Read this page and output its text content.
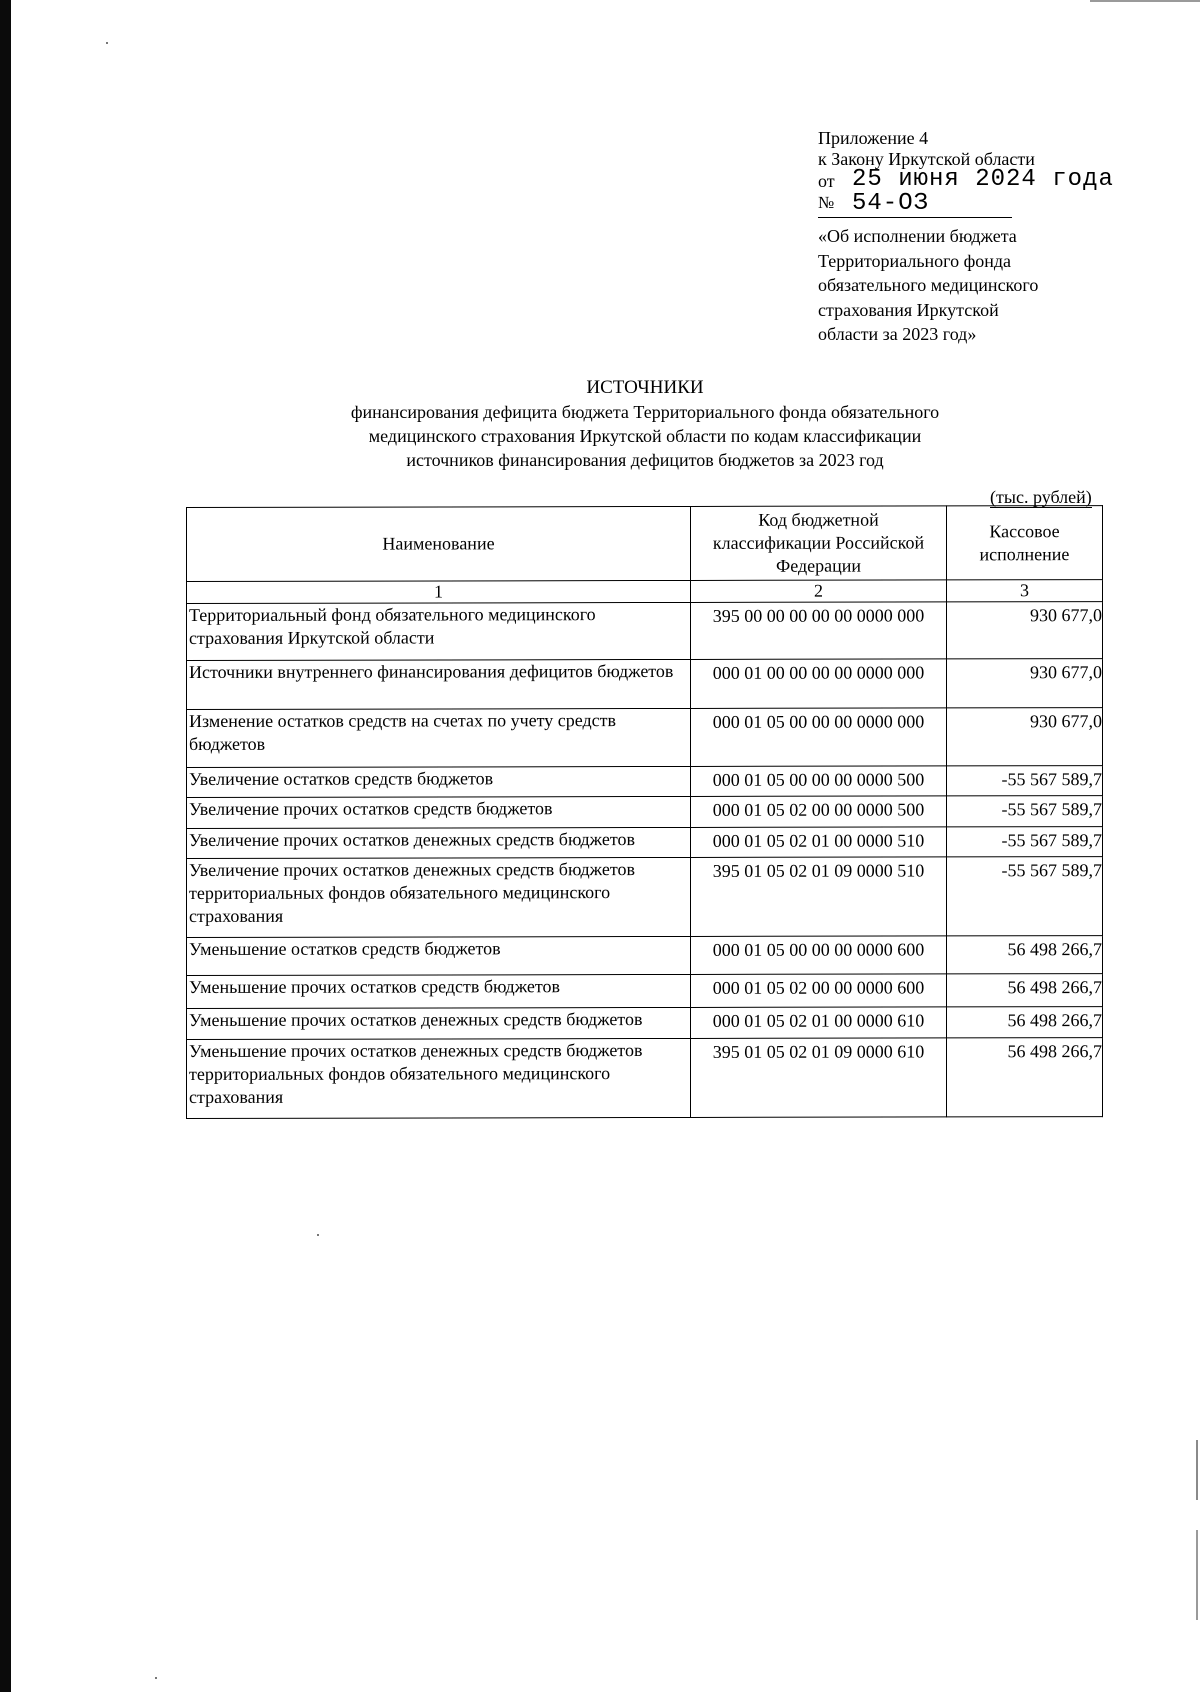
Приложение 4
к Закону Иркутской области
от 25 июня 2024 года
№ 54-ОЗ
«Об исполнении бюджета
Территориального фонда
обязательного медицинского
страхования Иркутской
области за 2023 год»
ИСТОЧНИКИ
финансирования дефицита бюджета Территориального фонда обязательного
медицинского страхования Иркутской области по кодам классификации
источников финансирования дефицитов бюджетов за 2023 год
(тыс. рублей)
Наименование	Код бюджетной классификации Российской Федерации	Кассовое исполнение
1	2	3
Территориальный фонд обязательного медицинского страхования Иркутской области	395 00 00 00 00 00 0000 000	930 677,0
Источники внутреннего финансирования дефицитов бюджетов	000 01 00 00 00 00 0000 000	930 677,0
Изменение остатков средств на счетах по учету средств бюджетов	000 01 05 00 00 00 0000 000	930 677,0
Увеличение остатков средств бюджетов	000 01 05 00 00 00 0000 500	-55 567 589,7
Увеличение прочих остатков средств бюджетов	000 01 05 02 00 00 0000 500	-55 567 589,7
Увеличение прочих остатков денежных средств бюджетов	000 01 05 02 01 00 0000 510	-55 567 589,7
Увеличение прочих остатков денежных средств бюджетов территориальных фондов обязательного медицинского страхования	395 01 05 02 01 09 0000 510	-55 567 589,7
Уменьшение остатков средств бюджетов	000 01 05 00 00 00 0000 600	56 498 266,7
Уменьшение прочих остатков средств бюджетов	000 01 05 02 00 00 0000 600	56 498 266,7
Уменьшение прочих остатков денежных средств бюджетов	000 01 05 02 01 00 0000 610	56 498 266,7
Уменьшение прочих остатков денежных средств бюджетов территориальных фондов обязательного медицинского страхования	395 01 05 02 01 09 0000 610	56 498 266,7
